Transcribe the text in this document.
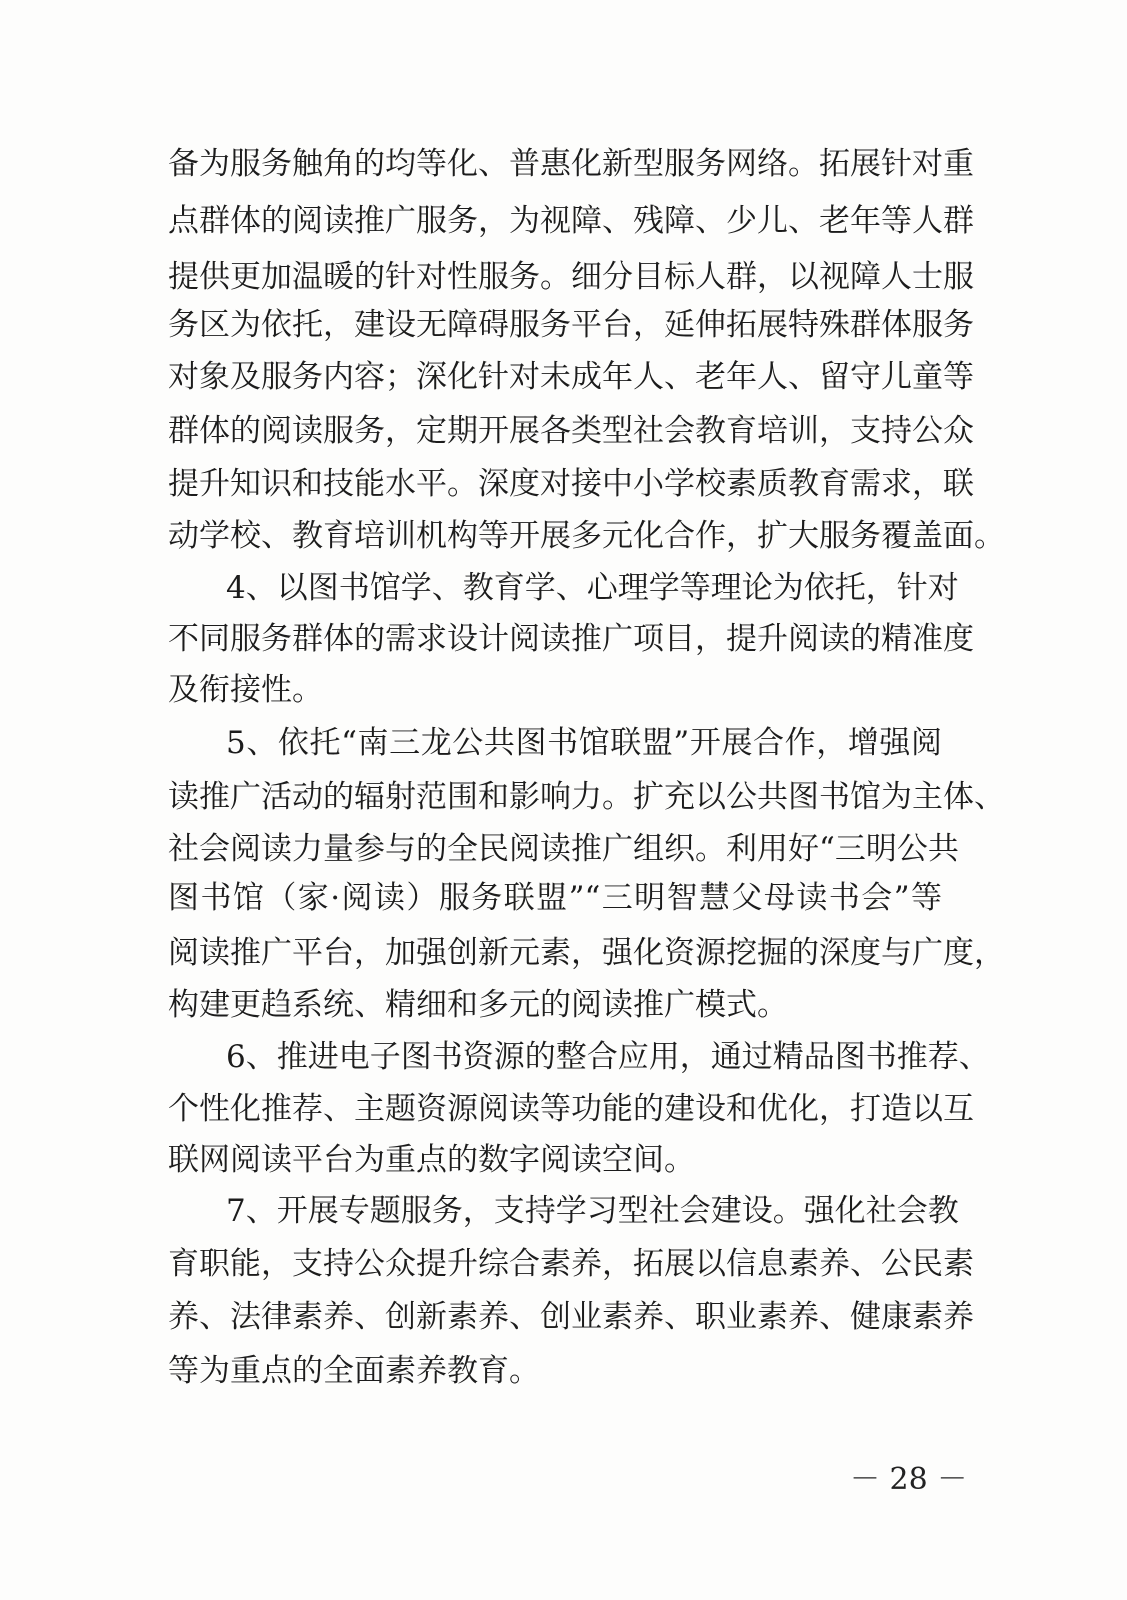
备为服务触角的均等化、普惠化新型服务网络。拓展针对重
点群体的阅读推广服务，为视障、残障、少儿、老年等人群
提供更加温暖的针对性服务。细分目标人群，以视障人士服
务区为依托，建设无障碍服务平台，延伸拓展特殊群体服务
对象及服务内容；深化针对未成年人、老年人、留守儿童等
群体的阅读服务，定期开展各类型社会教育培训，支持公众
提升知识和技能水平。深度对接中小学校素质教育需求，联
动学校、教育培训机构等开展多元化合作，扩大服务覆盖面。
4、以图书馆学、教育学、心理学等理论为依托，针对
不同服务群体的需求设计阅读推广项目，提升阅读的精准度
及衔接性。
5、依托“南三龙公共图书馆联盟”开展合作，增强阅
读推广活动的辐射范围和影响力。扩充以公共图书馆为主体、
社会阅读力量参与的全民阅读推广组织。利用好“三明公共
图书馆（家·阅读）服务联盟”“三明智慧父母读书会”等
阅读推广平台，加强创新元素，强化资源挖掘的深度与广度，
构建更趋系统、精细和多元的阅读推广模式。
6、推进电子图书资源的整合应用，通过精品图书推荐、
个性化推荐、主题资源阅读等功能的建设和优化，打造以互
联网阅读平台为重点的数字阅读空间。
7、开展专题服务，支持学习型社会建设。强化社会教
育职能，支持公众提升综合素养，拓展以信息素养、公民素
养、法律素养、创新素养、创业素养、职业素养、健康素养
等为重点的全面素养教育。
－ 28 －
